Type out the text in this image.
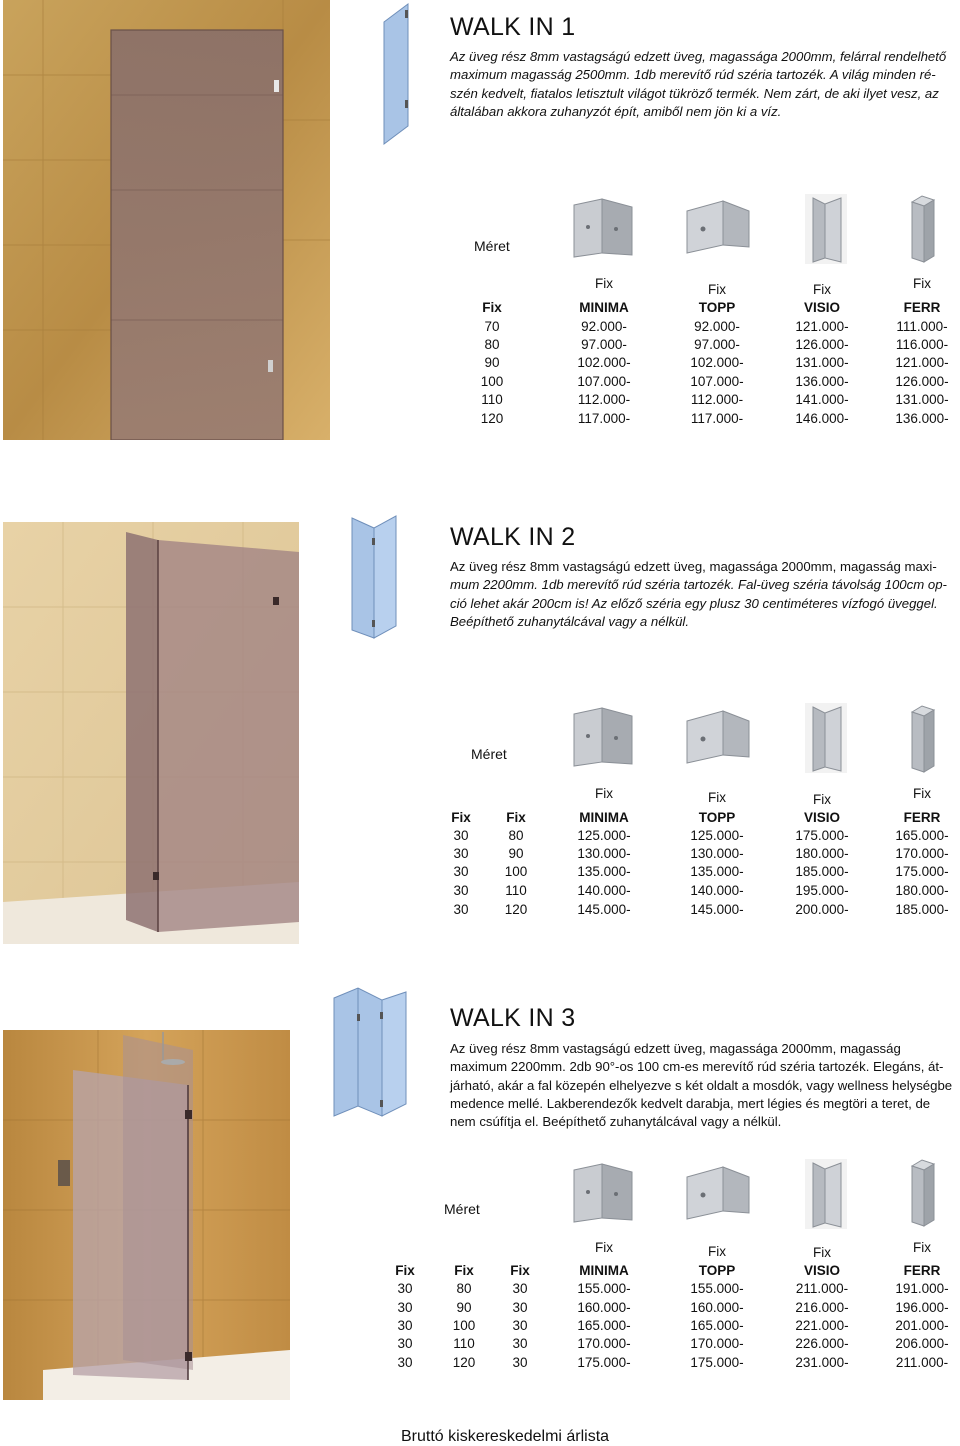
WALK IN 1
Az üveg rész 8mm vastagságú edzett üveg, magassága 2000mm, felárral rendelhető
maximum magasság 2500mm. 1db merevítő rúd széria tartozék. A világ minden ré-
szén kedvelt, fiatalos letisztult világot tükröző termék. Nem zárt, de aki ilyet vesz, az
általában akkora zuhanyzót épít, amiből nem jön ki a víz.
Méret
Fix	Fix	Fix	Fix
Fix	MINIMA	TOPP	VISIO	FERR
70	92.000-	92.000-	121.000-	111.000-
80	97.000-	97.000-	126.000-	116.000-
90	102.000-	102.000-	131.000-	121.000-
100	107.000-	107.000-	136.000-	126.000-
110	112.000-	112.000-	141.000-	131.000-
120	117.000-	117.000-	146.000-	136.000-
WALK IN 2
Az üveg rész 8mm vastagságú edzett üveg, magassága 2000mm, magasság maxi-
mum 2200mm. 1db merevítő rúd széria tartozék. Fal-üveg széria távolság 100cm op-
ció lehet akár 200cm is! Az előző széria egy plusz 30 centiméteres vízfogó üveggel.
Beépíthető zuhanytálcával vagy a nélkül.
Méret
Fix	Fix	Fix	Fix
Fix	Fix	MINIMA	TOPP	VISIO	FERR
30	80	125.000-	125.000-	175.000-	165.000-
30	90	130.000-	130.000-	180.000-	170.000-
30	100	135.000-	135.000-	185.000-	175.000-
30	110	140.000-	140.000-	195.000-	180.000-
30	120	145.000-	145.000-	200.000-	185.000-
WALK IN 3
Az üveg rész 8mm vastagságú edzett üveg, magassága 2000mm, magasság
maximum 2200mm. 2db 90°-os 100 cm-es merevítő rúd széria tartozék. Elegáns, át-
járható, akár a fal közepén elhelyezve s két oldalt a mosdók, vagy wellness helységbe
medence mellé. Lakberendezők kedvelt darabja, mert légies és megtöri a teret, de
nem csúfítja el. Beépíthető zuhanytálcával vagy a nélkül.
Méret
Fix	Fix	Fix	Fix
Fix	Fix	Fix	MINIMA	TOPP	VISIO	FERR
30	80	30	155.000-	155.000-	211.000-	191.000-
30	90	30	160.000-	160.000-	216.000-	196.000-
30	100	30	165.000-	165.000-	221.000-	201.000-
30	110	30	170.000-	170.000-	226.000-	206.000-
30	120	30	175.000-	175.000-	231.000-	211.000-
Bruttó kiskereskedelmi árlista
